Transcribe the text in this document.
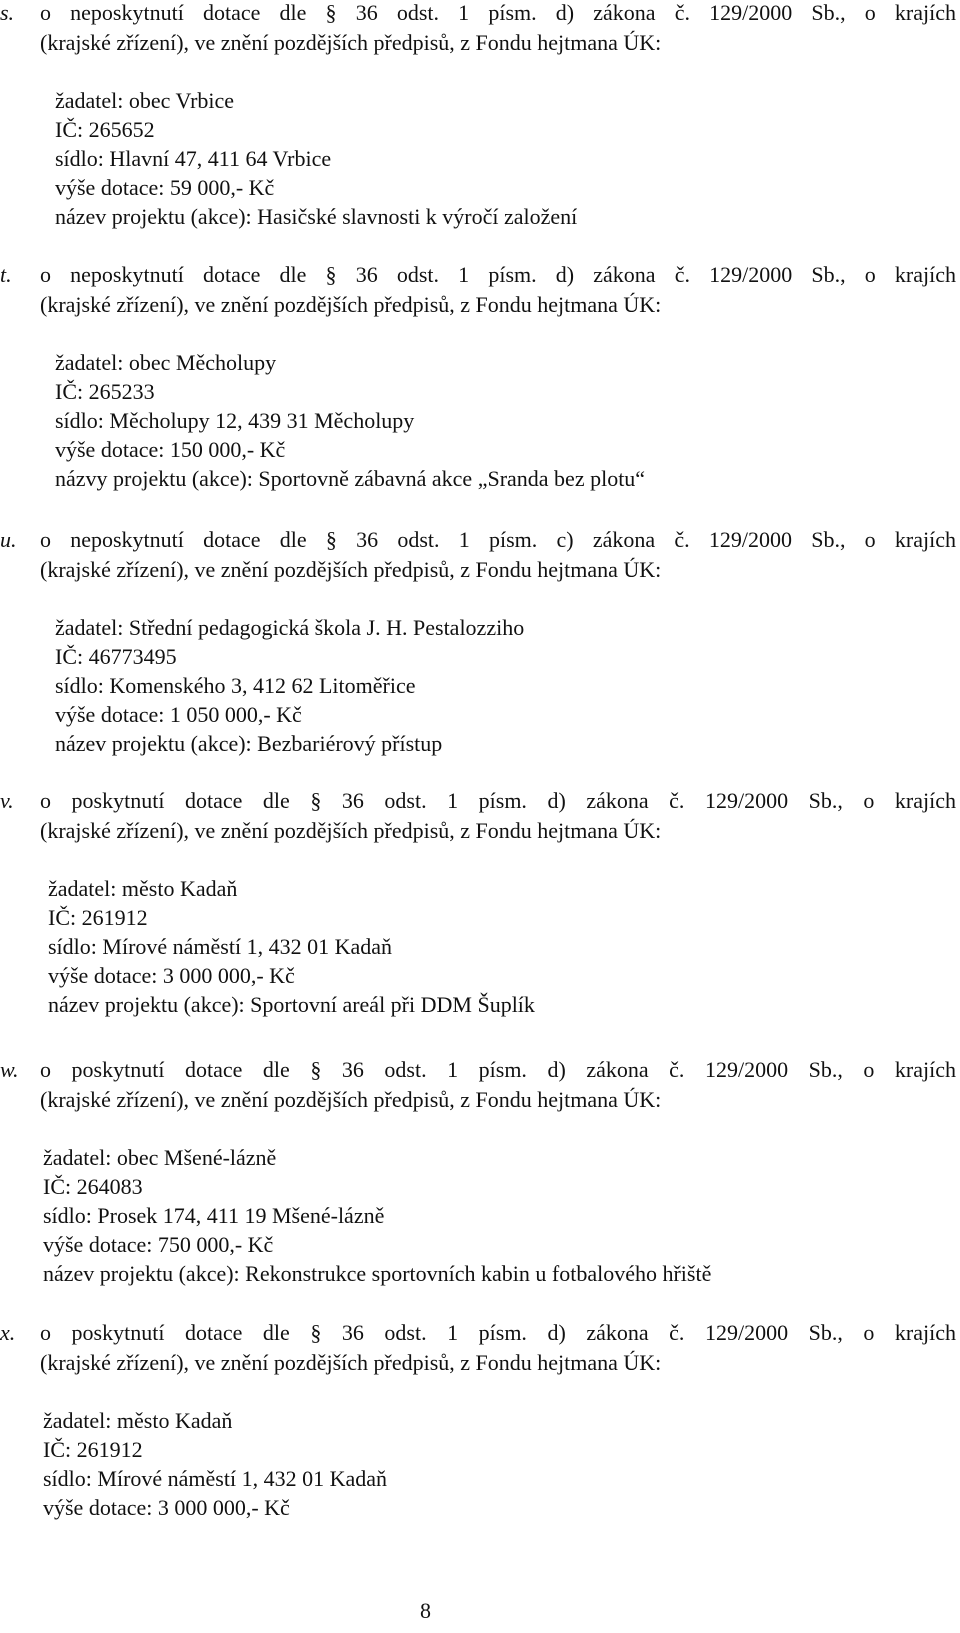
s. o neposkytnutí dotace dle § 36 odst. 1 písm. d) zákona č. 129/2000 Sb., o krajích
(krajské zřízení), ve znění pozdějších předpisů, z Fondu hejtmana ÚK:
žadatel: obec Vrbice
IČ: 265652
sídlo: Hlavní 47, 411 64 Vrbice
výše dotace: 59 000,- Kč
název projektu (akce): Hasičské slavnosti k výročí založení
t. o neposkytnutí dotace dle § 36 odst. 1 písm. d) zákona č. 129/2000 Sb., o krajích
(krajské zřízení), ve znění pozdějších předpisů, z Fondu hejtmana ÚK:
žadatel: obec Měcholupy
IČ: 265233
sídlo: Měcholupy 12, 439 31 Měcholupy
výše dotace: 150 000,- Kč
názvy projektu (akce): Sportovně zábavná akce „Sranda bez plotu“
u. o neposkytnutí dotace dle § 36 odst. 1 písm. c) zákona č. 129/2000 Sb., o krajích
(krajské zřízení), ve znění pozdějších předpisů, z Fondu hejtmana ÚK:
žadatel: Střední pedagogická škola J. H. Pestalozziho
IČ: 46773495
sídlo: Komenského 3, 412 62 Litoměřice
výše dotace: 1 050 000,- Kč
název projektu (akce): Bezbariérový přístup
v. o poskytnutí dotace dle § 36 odst. 1 písm. d) zákona č. 129/2000 Sb., o krajích
(krajské zřízení), ve znění pozdějších předpisů, z Fondu hejtmana ÚK:
žadatel: město Kadaň
IČ: 261912
sídlo: Mírové náměstí 1, 432 01 Kadaň
výše dotace: 3 000 000,- Kč
název projektu (akce): Sportovní areál při DDM Šuplík
w. o poskytnutí dotace dle § 36 odst. 1 písm. d) zákona č. 129/2000 Sb., o krajích
(krajské zřízení), ve znění pozdějších předpisů, z Fondu hejtmana ÚK:
žadatel: obec Mšené-lázně
IČ: 264083
sídlo: Prosek 174, 411 19 Mšené-lázně
výše dotace: 750 000,- Kč
název projektu (akce): Rekonstrukce sportovních kabin u fotbalového hřiště
x. o poskytnutí dotace dle § 36 odst. 1 písm. d) zákona č. 129/2000 Sb., o krajích
(krajské zřízení), ve znění pozdějších předpisů, z Fondu hejtmana ÚK:
žadatel: město Kadaň
IČ: 261912
sídlo: Mírové náměstí 1, 432 01 Kadaň
výše dotace: 3 000 000,- Kč
8
